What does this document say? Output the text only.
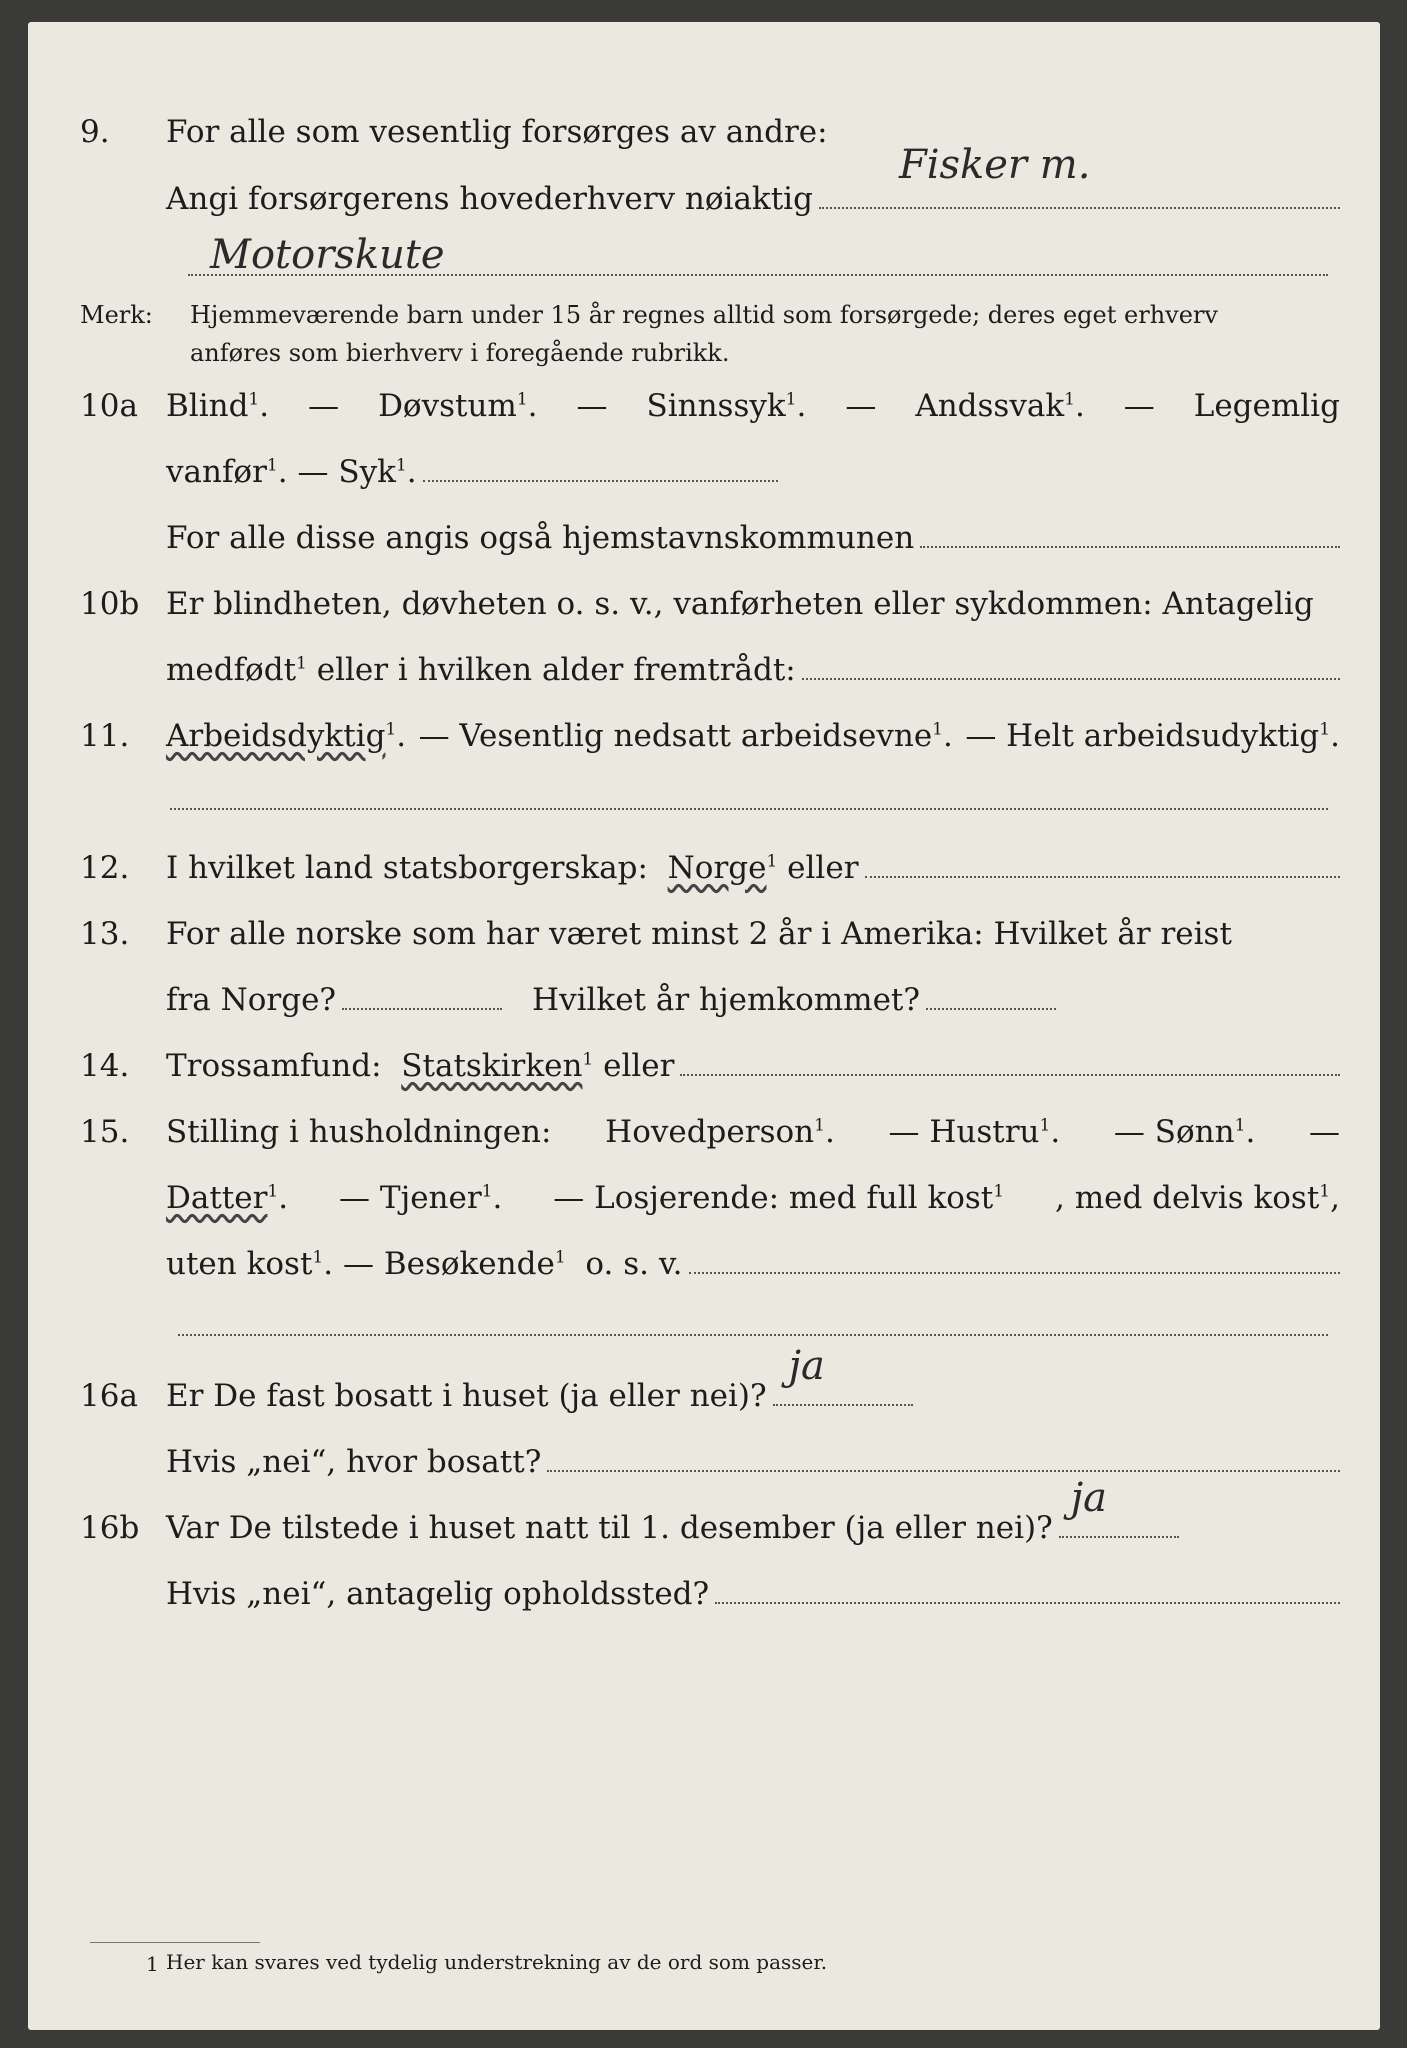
9. For alle som vesentlig forsørges av andre:
Angi forsørgerens hovederhverv nøiaktig
Fisker m.
Motorskute
Merk: Hjemmeværende barn under 15 år regnes alltid som forsørgede; deres eget erhverv
anføres som bierhverv i foregående rubrikk.
10a Blind$^1$. — Døvstum$^1$. — Sinnssyk$^1$. — Andssvak$^1$. — Legemlig
vanfør$^1$. — Syk$^1$.
For alle disse angis også hjemstavnskommunen
10b Er blindheten, døvheten o. s. v., vanførheten eller sykdommen: Antagelig
medfødt$^1$ eller i hvilken alder fremtrådt:
11. Arbeidsdyktig$^1$. — Vesentlig nedsatt arbeidsevne$^1$. — Helt arbeidsudyktig$^1$.
12. I hvilket land statsborgerskap:
Norge$^1$
eller
13. For alle norske som har været minst 2 år i Amerika: Hvilket år reist
fra Norge?	Hvilket år hjemkommet?
14. Trossamfund:
Statskirken$^1$
eller
15. Stilling i husholdningen: Hovedperson$^1$. — Hustru$^1$. — Sønn$^1$. —
Datter$^1$. — Tjener$^1$. — Losjerende: med full kost$^1$ , med delvis kost$^1$,
uten kost$^1$. — Besøkende$^1$ o. s. v.
16a Er De fast bosatt i huset (ja eller nei)?
ja
Hvis „nei“, hvor bosatt?
16b Var De tilstede i huset natt til 1. desember (ja eller nei)?
ja
Hvis „nei“, antagelig opholdssted?
1 Her kan svares ved tydelig understrekning av de ord som passer.
